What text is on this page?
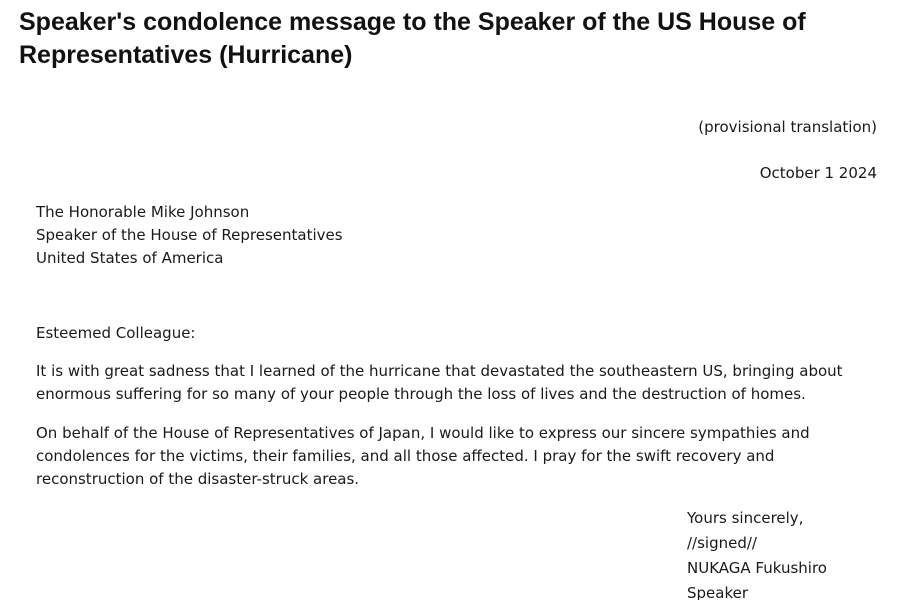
Speaker's condolence message to the Speaker of the US House of Representatives (Hurricane)

(provisional translation)

October 1 2024

The Honorable Mike Johnson
Speaker of the House of Representatives
United States of America

Esteemed Colleague:

It is with great sadness that I learned of the hurricane that devastated the southeastern US, bringing about enormous suffering for so many of your people through the loss of lives and the destruction of homes.

On behalf of the House of Representatives of Japan, I would like to express our sincere sympathies and condolences for the victims, their families, and all those affected. I pray for the swift recovery and reconstruction of the disaster-struck areas.

Yours sincerely,
//signed//
NUKAGA Fukushiro
Speaker
